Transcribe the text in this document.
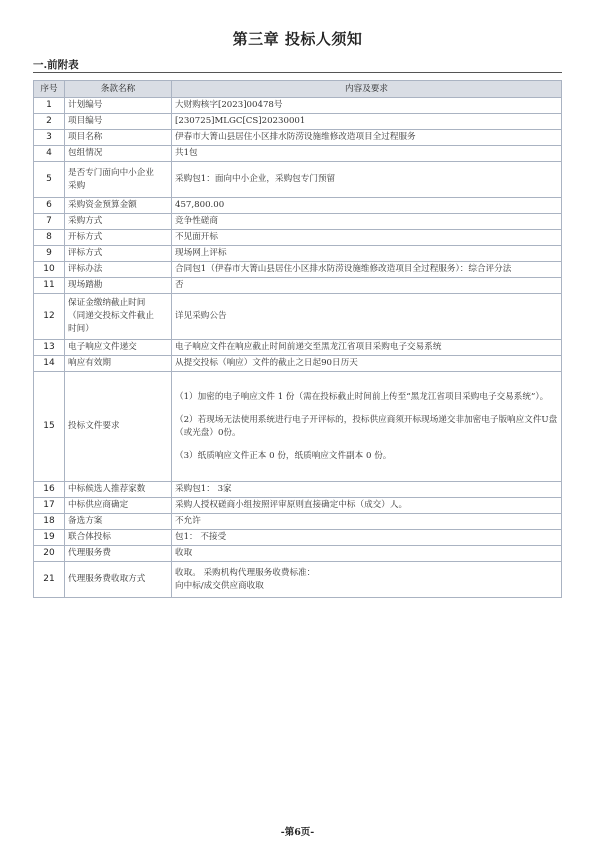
第三章 投标人须知
一.前附表
序号	条款名称	内容及要求
1	计划编号	大财购核字[2023]00478号

2	项目编号	[230725]MLGC[CS]20230001

3	项目名称	伊春市大箐山县居住小区排水防涝设施维修改造项目全过程服务

4	包组情况	共1包

5	是否专门面向中小企业
采购	采购包1：面向中小企业，采购包专门预留

6	采购资金预算金额	457,800.00

7	采购方式	竞争性磋商

8	开标方式	不见面开标

9	评标方式	现场网上评标

10	评标办法	合同包1（伊春市大箐山县居住小区排水防涝设施维修改造项目全过程服务）：综合评分法

11	现场踏勘	否

12	保证金缴纳截止时间
（同递交投标文件截止
时间）	详见采购公告

13	电子响应文件递交	电子响应文件在响应截止时间前递交至黑龙江省项目采购电子交易系统

14	响应有效期	从提交投标（响应）文件的截止之日起90日历天

15	投标文件要求	（1）加密的电子响应文件 1 份（需在投标截止时间前上传至“黑龙江省项目采购电子交易系统”）。
（2）若现场无法使用系统进行电子开评标的，投标供应商须开标现场递交非加密电子版响应文件U盘（或光盘）0份。
（3）纸质响应文件正本 0 份，纸质响应文件副本 0 份。

16	中标候选人推荐家数	采购包1： 3家

17	中标供应商确定	采购人授权磋商小组按照评审原则直接确定中标（成交）人。

18	备选方案	不允许

19	联合体投标	包1： 不接受

20	代理服务费	收取

21	代理服务费收取方式	收取。 采购机构代理服务收费标准：
向中标/成交供应商收取
-第6页-
